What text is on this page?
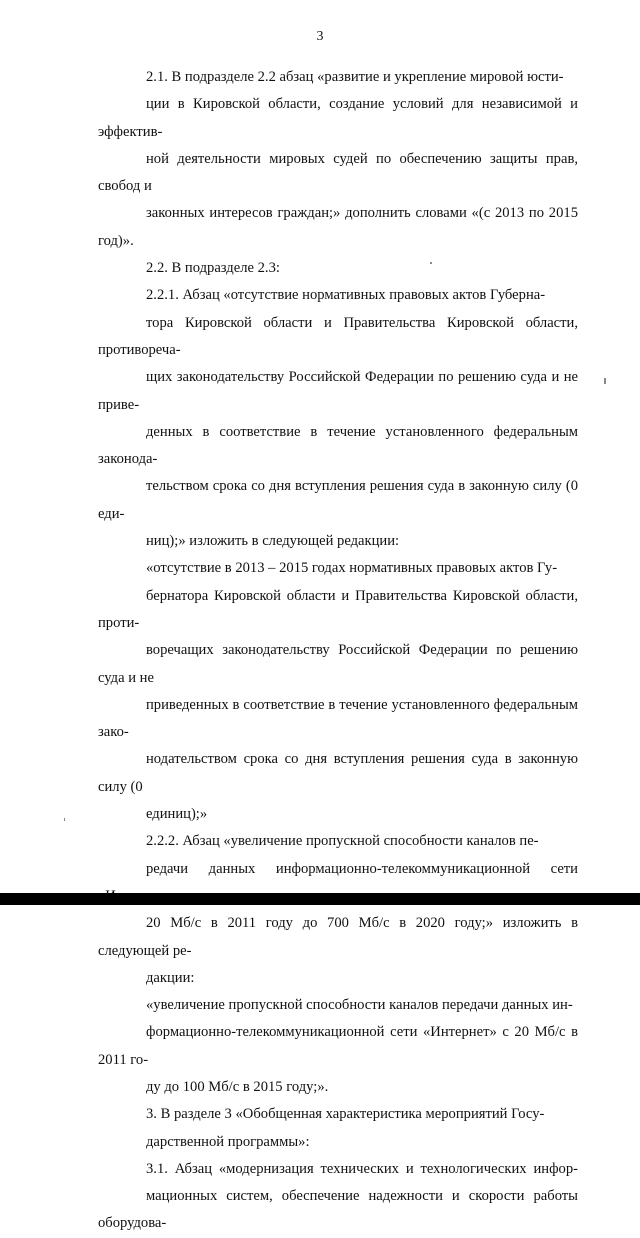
3

2.1. В подразделе 2.2 абзац «развитие и укрепление мировой юсти-
ции в Кировской области, создание условий для независимой и эффектив-
ной деятельности мировых судей по обеспечению защиты прав, свобод и
законных интересов граждан;» дополнить словами «(с 2013 по 2015 год)».

2.2. В подразделе 2.3:

2.2.1. Абзац «отсутствие нормативных правовых актов Губерна-
тора Кировской области и Правительства Кировской области, противореча-
щих законодательству Российской Федерации по решению суда и не приве-
денных в соответствие в течение установленного федеральным законода-
тельством срока со дня вступления решения суда в законную силу (0 еди-
ниц);» изложить в следующей редакции:

«отсутствие в 2013 – 2015 годах нормативных правовых актов Гу-
бернатора Кировской области и Правительства Кировской области, проти-
воречащих законодательству Российской Федерации по решению суда и не
приведенных в соответствие в течение установленного федеральным зако-
нодательством срока со дня вступления решения суда в законную силу (0
единиц);»

2.2.2. Абзац «увеличение пропускной способности каналов пе-
редачи данных информационно-телекоммуникационной сети
20 Мб/с в 2011 году до 700 Мб/с в 2020 году;» изложить в следующей ре-
дакции:

«увеличение пропускной способности каналов передачи данных ин-
формационно-телекоммуникационной сети «Интернет» с 20 Мб/с в 2011 го-
ду до 100 Мб/с в 2015 году;».

3. В разделе 3 «Обобщенная характеристика мероприятий Госу-
дарственной программы»:

3.1. Абзац «модернизация технических и технологических инфор-
мационных систем, обеспечение надежности и скорости работы оборудова-
